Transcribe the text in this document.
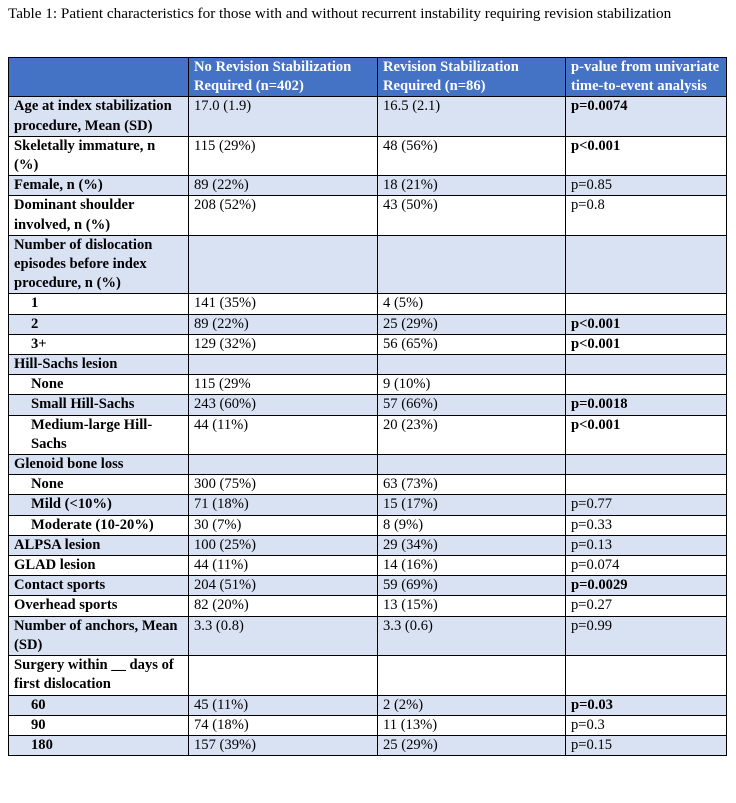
Table 1: Patient characteristics for those with and without recurrent instability requiring revision stabilization
	No Revision Stabilization Required (n=402)	Revision Stabilization Required (n=86)	p-value from univariate time-to-event analysis
Age at index stabilization procedure, Mean (SD)	17.0 (1.9)	16.5 (2.1)	p=0.0074
Skeletally immature, n (%)	115 (29%)	48 (56%)	p<0.001
Female, n (%)	89 (22%)	18 (21%)	p=0.85
Dominant shoulder involved, n (%)	208 (52%)	43 (50%)	p=0.8
Number of dislocation episodes before index procedure, n (%)			
1	141 (35%)	4 (5%)	
2	89 (22%)	25 (29%)	p<0.001
3+	129 (32%)	56 (65%)	p<0.001
Hill-Sachs lesion			
None	115 (29%	9 (10%)	
Small Hill-Sachs	243 (60%)	57 (66%)	p=0.0018
Medium-large Hill-Sachs	44 (11%)	20 (23%)	p<0.001
Glenoid bone loss			
None	300 (75%)	63 (73%)	
Mild (<10%)	71 (18%)	15 (17%)	p=0.77
Moderate (10-20%)	30 (7%)	8 (9%)	p=0.33
ALPSA lesion	100 (25%)	29 (34%)	p=0.13
GLAD lesion	44 (11%)	14 (16%)	p=0.074
Contact sports	204 (51%)	59 (69%)	p=0.0029
Overhead sports	82 (20%)	13 (15%)	p=0.27
Number of anchors, Mean (SD)	3.3 (0.8)	3.3 (0.6)	p=0.99
Surgery within __ days of first dislocation			
60	45 (11%)	2 (2%)	p=0.03
90	74 (18%)	11 (13%)	p=0.3
180	157 (39%)	25 (29%)	p=0.15
